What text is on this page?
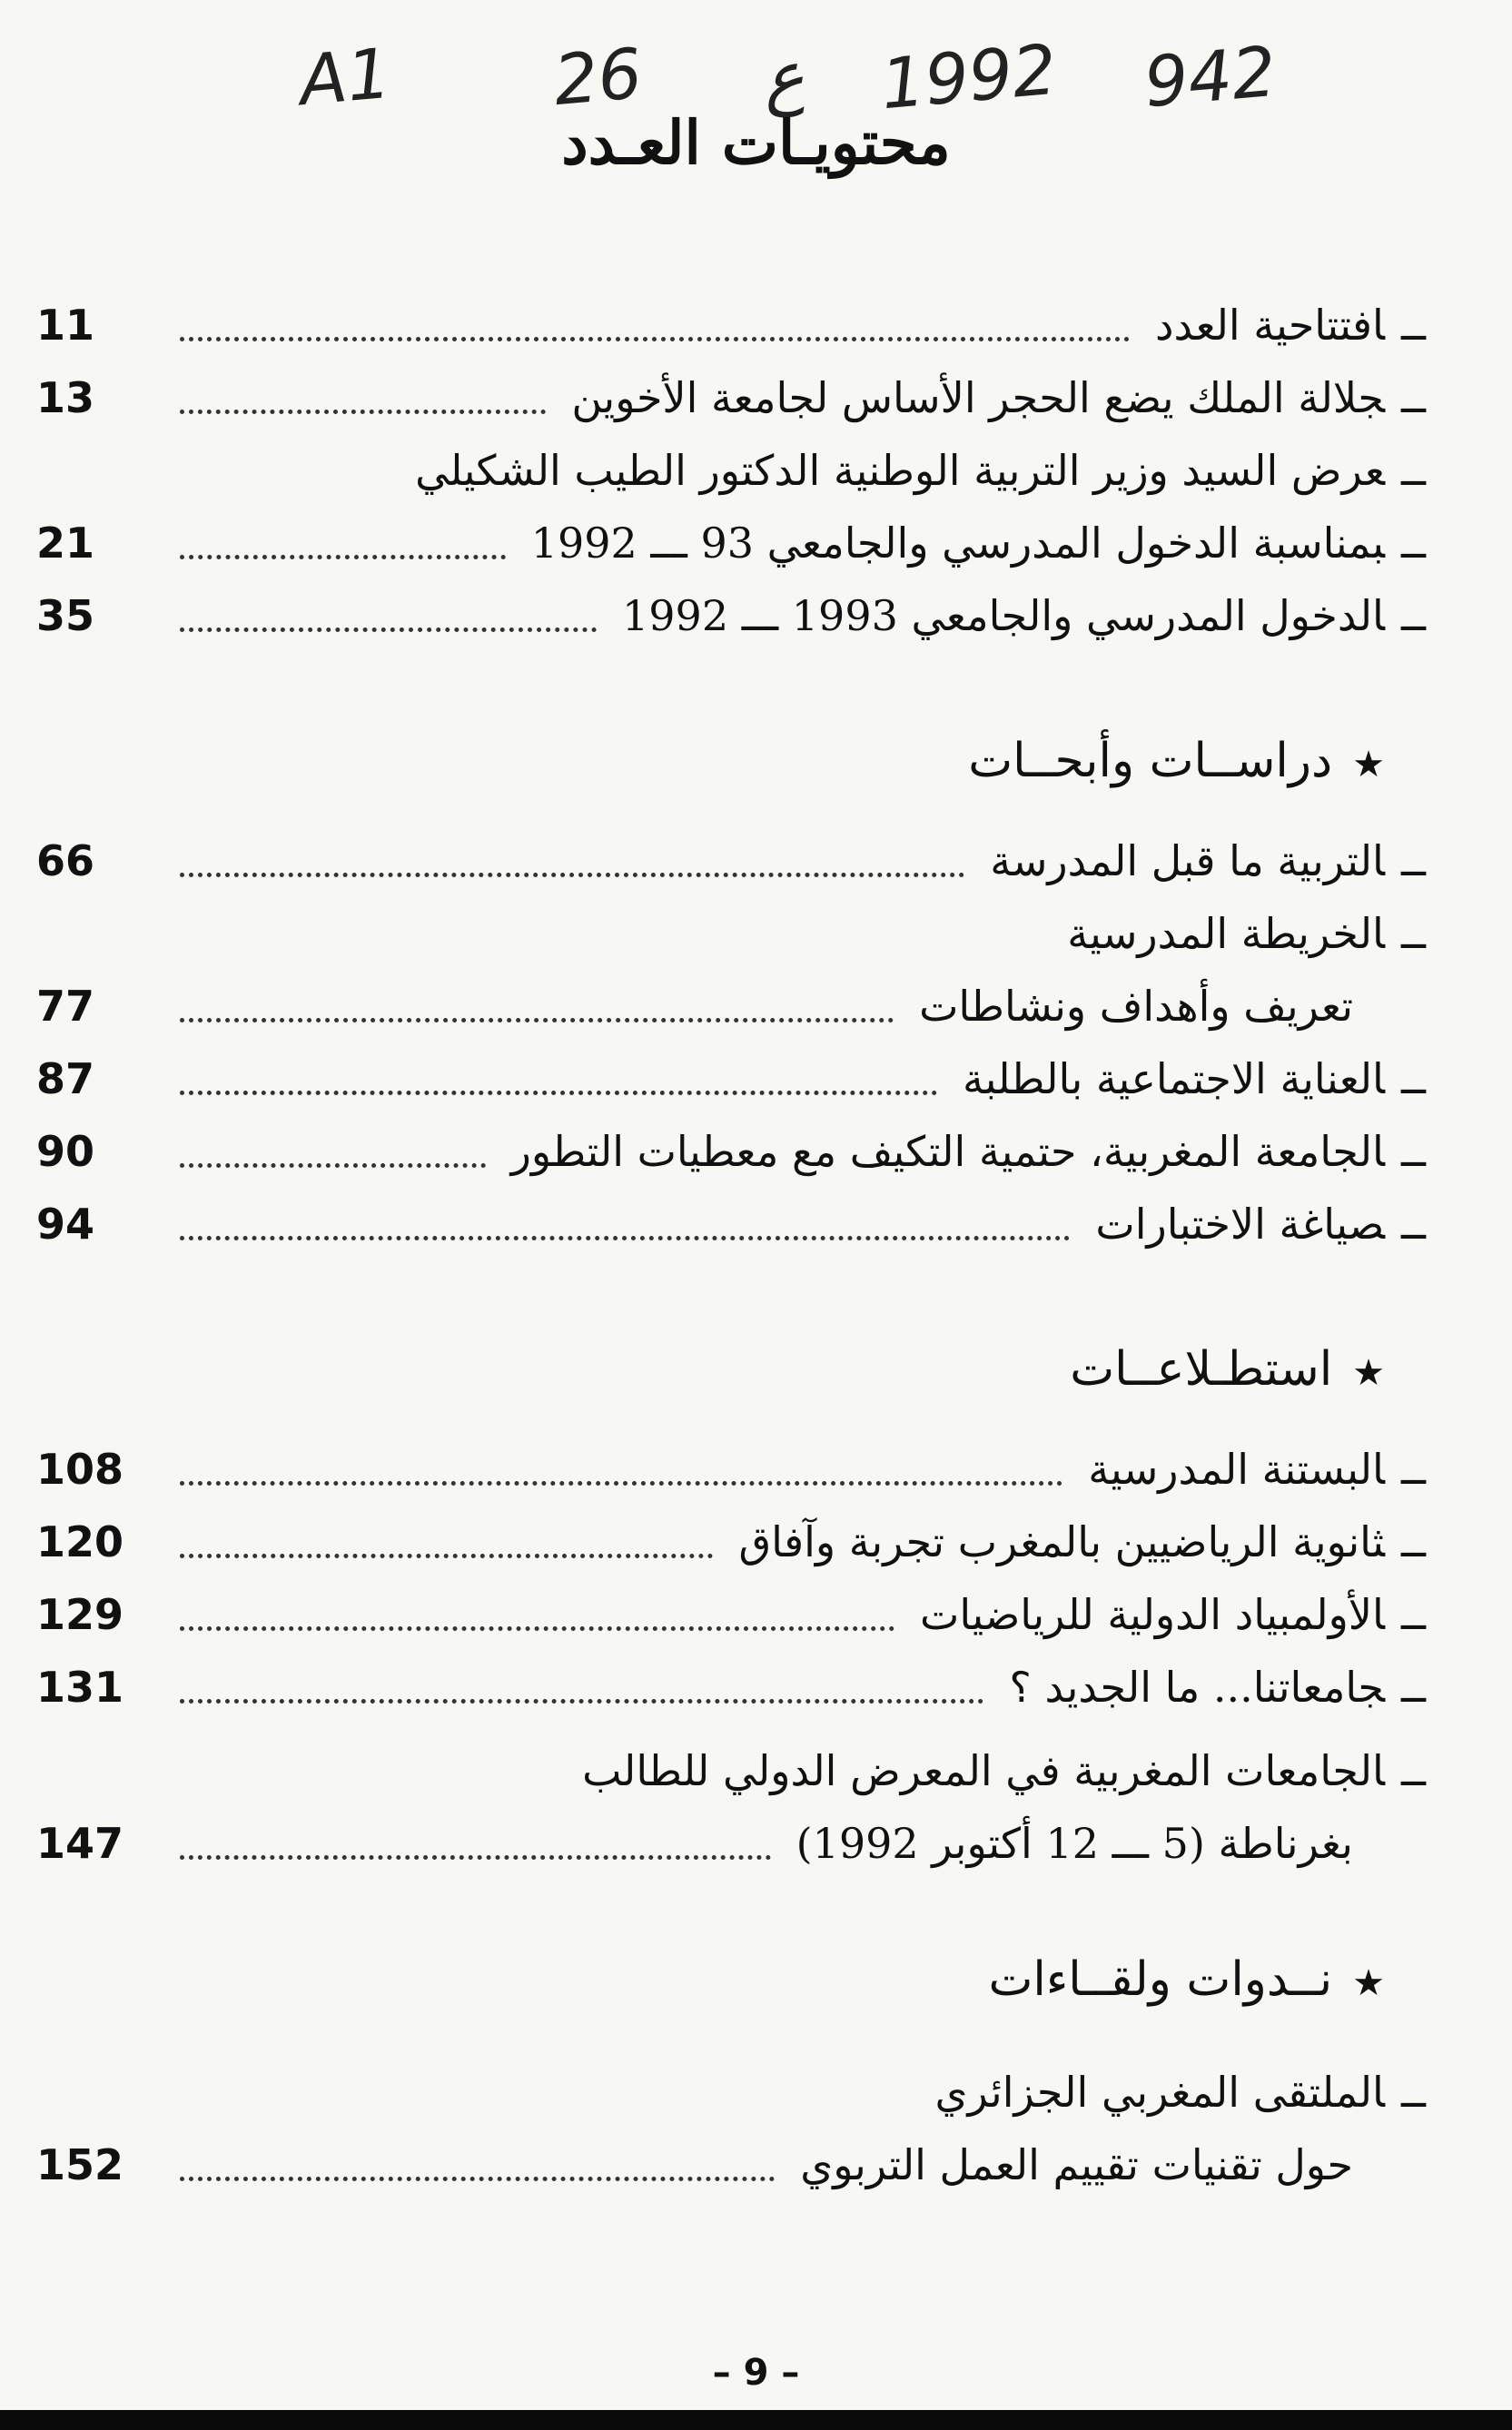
A1 26 ع 1992 942
محتويـات العـدد
ــافتتاحية العدد
11
ــجلالة الملك يضع الحجر الأساس لجامعة الأخوين
13
ــعرض السيد وزير التربية الوطنية الدكتور الطيب الشكيلي
ــبمناسبة الدخول المدرسي والجامعي 93 ـــ 1992
21
ــالدخول المدرسي والجامعي 1993 ـــ 1992
35
★دراســات وأبحــات
ــالتربية ما قبل المدرسة
66
ــالخريطة المدرسية
تعريف وأهداف ونشاطات
77
ــالعناية الاجتماعية بالطلبة
87
ــالجامعة المغربية، حتمية التكيف مع معطيات التطور
90
ــصياغة الاختبارات
94
★استطـلاعــات
ــالبستنة المدرسية
108
ــثانوية الرياضيين بالمغرب تجربة وآفاق
120
ــالأولمبياد الدولية للرياضيات
129
ــجامعاتنا... ما الجديد ؟
131
ــالجامعات المغربية في المعرض الدولي للطالب
بغرناطة (5 ـــ 12 أكتوبر 1992)
147
★نــدوات ولقــاءات
ــالملتقى المغربي الجزائري
حول تقنيات تقييم العمل التربوي
152
– 9 –
